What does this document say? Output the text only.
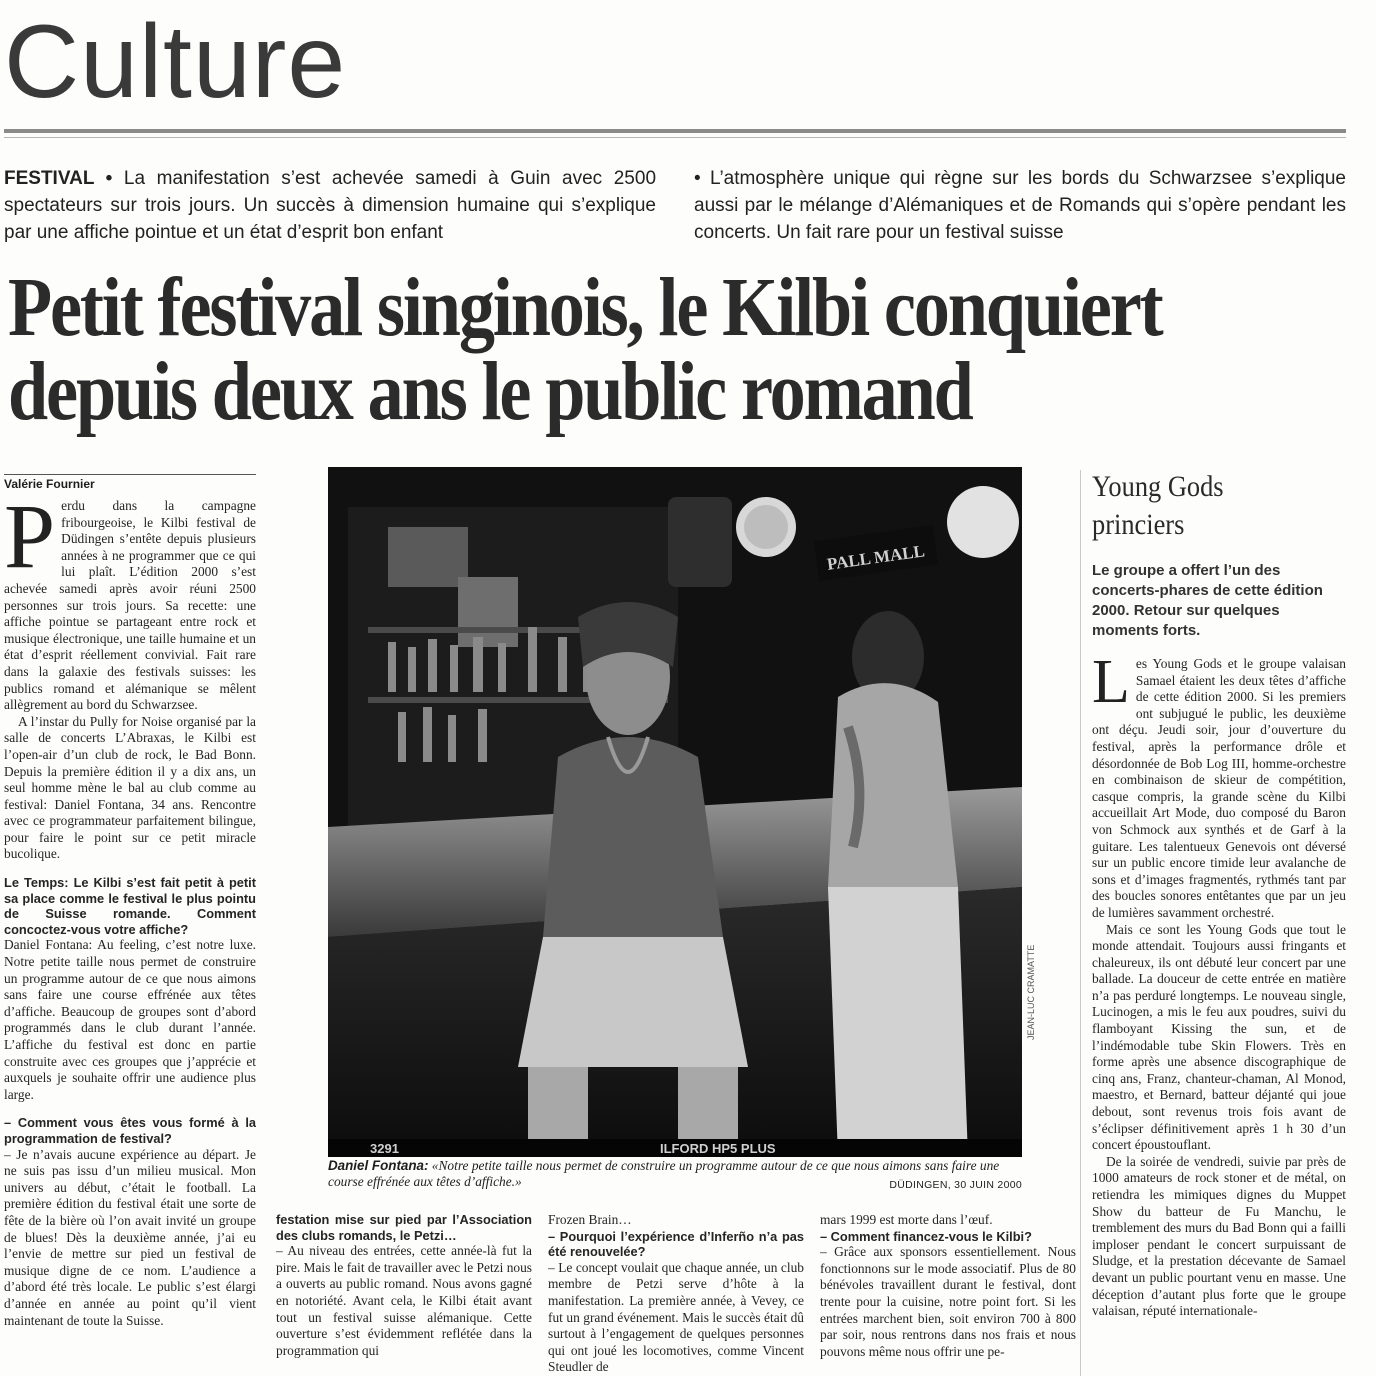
Culture
FESTIVAL • La manifestation s’est achevée samedi à Guin avec 2500 spectateurs sur trois jours. Un succès à dimension humaine qui s’explique par une affiche pointue et un état d’esprit bon enfant
• L’atmosphère unique qui règne sur les bords du Schwarzsee s’explique aussi par le mélange d’Alémaniques et de Romands qui s’opère pendant les concerts. Un fait rare pour un festival suisse
Petit festival singinois, le Kilbi conquiert
depuis deux ans le public romand
Valérie Fournier
P erdu dans la campagne fribourgeoise, le Kilbi festival de Düdingen s’entête depuis plusieurs années à ne programmer que ce qui lui plaît. L’édition 2000 s’est achevée samedi après avoir réuni 2500 personnes sur trois jours. Sa recette: une affiche pointue se partageant entre rock et musique électronique, une taille humaine et un état d’esprit réellement convivial. Fait rare dans la galaxie des festivals suisses: les publics romand et alémanique se mêlent allègrement au bord du Schwarzsee.

A l’instar du Pully for Noise organisé par la salle de concerts L’Abraxas, le Kilbi est l’open-air d’un club de rock, le Bad Bonn. Depuis la première édition il y a dix ans, un seul homme mène le bal au club comme au festival: Daniel Fontana, 34 ans. Rencontre avec ce programmateur parfaitement bilingue, pour faire le point sur ce petit miracle bucolique.

Le Temps: Le Kilbi s’est fait petit à petit sa place comme le festival le plus pointu de Suisse romande. Comment concoctez-vous votre affiche?

Daniel Fontana: Au feeling, c’est notre luxe. Notre petite taille nous permet de construire un programme autour de ce que nous aimons sans faire une course effrénée aux têtes d’affiche. Beaucoup de groupes sont d’abord programmés dans le club durant l’année. L’affiche du festival est donc en partie construite avec ces groupes que j’apprécie et auxquels je souhaite offrir une audience plus large.

– Comment vous êtes vous formé à la programmation de festival?

– Je n’avais aucune expérience au départ. Je ne suis pas issu d’un milieu musical. Mon univers au début, c’était le football. La première édition du festival était une sorte de fête de la bière où l’on avait invité un groupe de blues! Dès la deuxième année, j’ai eu l’envie de mettre sur pied un festival de musique digne de ce nom. L’audience a d’abord été très locale. Le public s’est élargi d’année en année au point qu’il vient maintenant de toute la Suisse.

PALL MALL
3291	ILFORD HP5 PLUS
JEAN-LUC CRAMATTE
Daniel Fontana: «Notre petite taille nous permet de construire un programme autour de ce que nous aimons sans faire une course effrénée aux têtes d’affiche.»	DÜDINGEN, 30 JUIN 2000

festation mise sur pied par l’Association des clubs romands, le Petzi…

– Au niveau des entrées, cette année-là fut la pire. Mais le fait de travailler avec le Petzi nous a ouverts au public romand. Nous avons gagné en notoriété. Avant cela, le Kilbi était avant tout un festival suisse alémanique. Cette ouverture s’est évidemment reflétée dans la programmation qui

Frozen Brain…

– Pourquoi l’expérience d’Inferño n’a pas été renouvelée?

– Le concept voulait que chaque année, un club membre de Petzi serve d’hôte à la manifestation. La première année, à Vevey, ce fut un grand événement. Mais le succès était dû surtout à l’engagement de quelques personnes qui ont joué les locomotives, comme Vincent Steudler de

mars 1999 est morte dans l’œuf.

– Comment financez-vous le Kilbi?

– Grâce aux sponsors essentiellement. Nous fonctionnons sur le mode associatif. Plus de 80 bénévoles travaillent durant le festival, dont trente pour la cuisine, notre point fort. Si les entrées marchent bien, soit environ 700 à 800 par soir, nous rentrons dans nos frais et nous pouvons même nous offrir une pe-

Young Gods
princiers
Le groupe a offert l’un des concerts-phares de cette édition 2000. Retour sur quelques moments forts.
L es Young Gods et le groupe valaisan Samael étaient les deux têtes d’affiche de cette édition 2000. Si les premiers ont subjugué le public, les deuxième ont déçu. Jeudi soir, jour d’ouverture du festival, après la performance drôle et désordonnée de Bob Log III, homme-orchestre en combinaison de skieur de compétition, casque compris, la grande scène du Kilbi accueillait Art Mode, duo composé du Baron von Schmock aux synthés et de Garf à la guitare. Les talentueux Genevois ont déversé sur un public encore timide leur avalanche de sons et d’images fragmentés, rythmés tant par des boucles sonores entêtantes que par un jeu de lumières savamment orchestré.

Mais ce sont les Young Gods que tout le monde attendait. Toujours aussi fringants et chaleureux, ils ont débuté leur concert par une ballade. La douceur de cette entrée en matière n’a pas perduré longtemps. Le nouveau single, Lucinogen, a mis le feu aux poudres, suivi du flamboyant Kissing the sun, et de l’indémodable tube Skin Flowers. Très en forme après une absence discographique de cinq ans, Franz, chanteur-chaman, Al Monod, maestro, et Bernard, batteur déjanté qui joue debout, sont revenus trois fois avant de s’éclipser définitivement après 1 h 30 d’un concert époustouflant.

De la soirée de vendredi, suivie par près de 1000 amateurs de rock stoner et de métal, on retiendra les mimiques dignes du Muppet Show du batteur de Fu Manchu, le tremblement des murs du Bad Bonn qui a failli imploser pendant le concert surpuissant de Sludge, et la prestation décevante de Samael devant un public pourtant venu en masse. Une déception d’autant plus forte que le groupe valaisan, réputé internationale-
